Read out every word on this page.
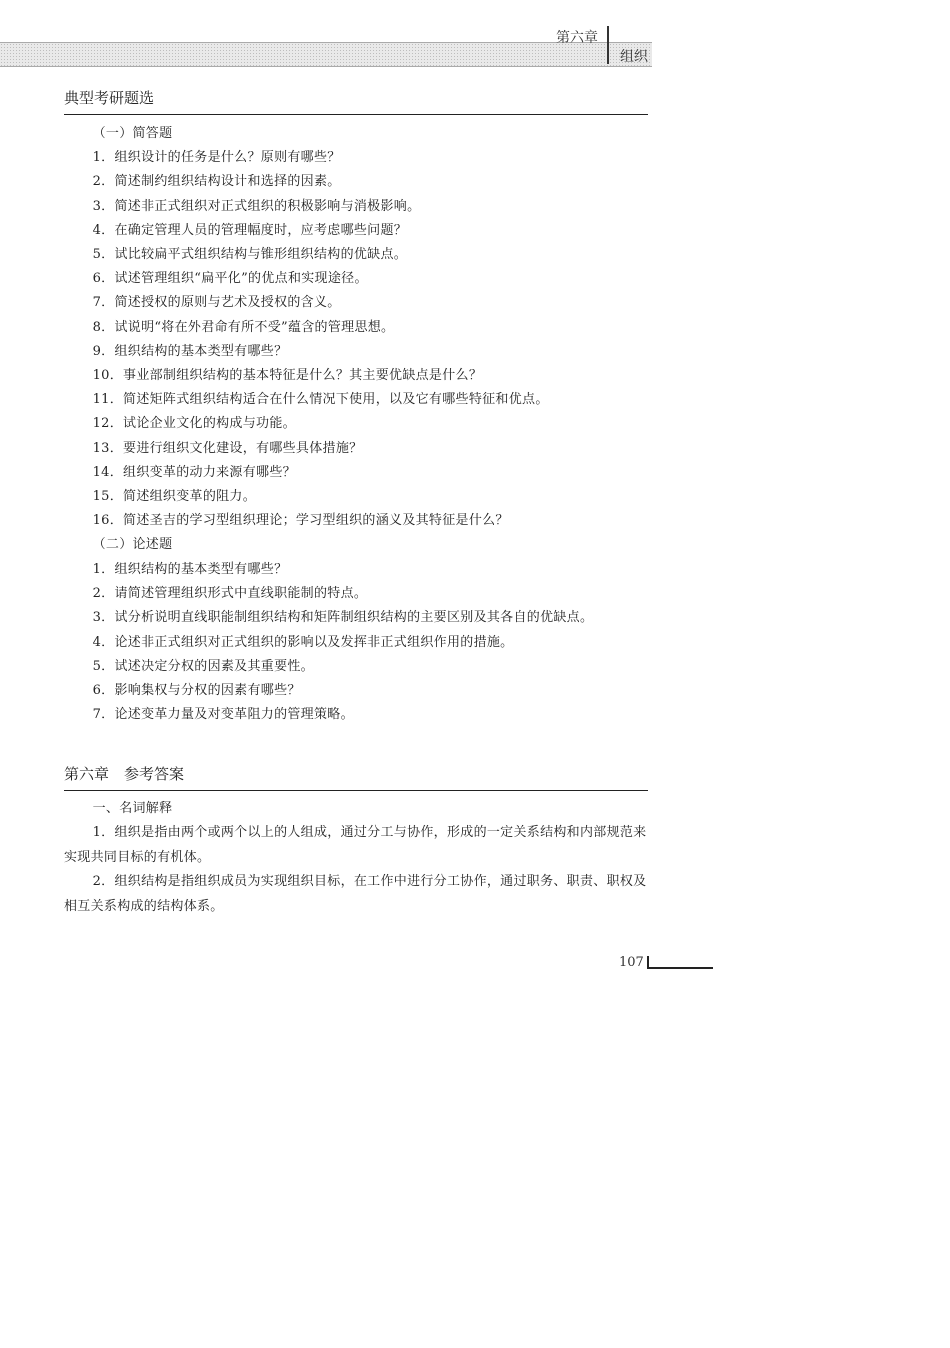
第六章
组织
典型考研题选

（一）简答题

1．组织设计的任务是什么？原则有哪些？

2．简述制约组织结构设计和选择的因素。

3．简述非正式组织对正式组织的积极影响与消极影响。

4．在确定管理人员的管理幅度时，应考虑哪些问题？

5．试比较扁平式组织结构与锥形组织结构的优缺点。

6．试述管理组织“扁平化”的优点和实现途径。

7．简述授权的原则与艺术及授权的含义。

8．试说明“将在外君命有所不受”蕴含的管理思想。

9．组织结构的基本类型有哪些？

10．事业部制组织结构的基本特征是什么？其主要优缺点是什么？

11．简述矩阵式组织结构适合在什么情况下使用，以及它有哪些特征和优点。

12．试论企业文化的构成与功能。

13．要进行组织文化建设，有哪些具体措施？

14．组织变革的动力来源有哪些？

15．简述组织变革的阻力。

16．简述圣吉的学习型组织理论；学习型组织的涵义及其特征是什么？

（二）论述题

1．组织结构的基本类型有哪些？

2．请简述管理组织形式中直线职能制的特点。

3．试分析说明直线职能制组织结构和矩阵制组织结构的主要区别及其各自的优缺点。

4．论述非正式组织对正式组织的影响以及发挥非正式组织作用的措施。

5．试述决定分权的因素及其重要性。

6．影响集权与分权的因素有哪些？

7．论述变革力量及对变革阻力的管理策略。

第六章　参考答案

一、名词解释

1．组织是指由两个或两个以上的人组成，通过分工与协作，形成的一定关系结构和内部规范来实现共同目标的有机体。

2．组织结构是指组织成员为实现组织目标，在工作中进行分工协作，通过职务、职责、职权及相互关系构成的结构体系。

107
